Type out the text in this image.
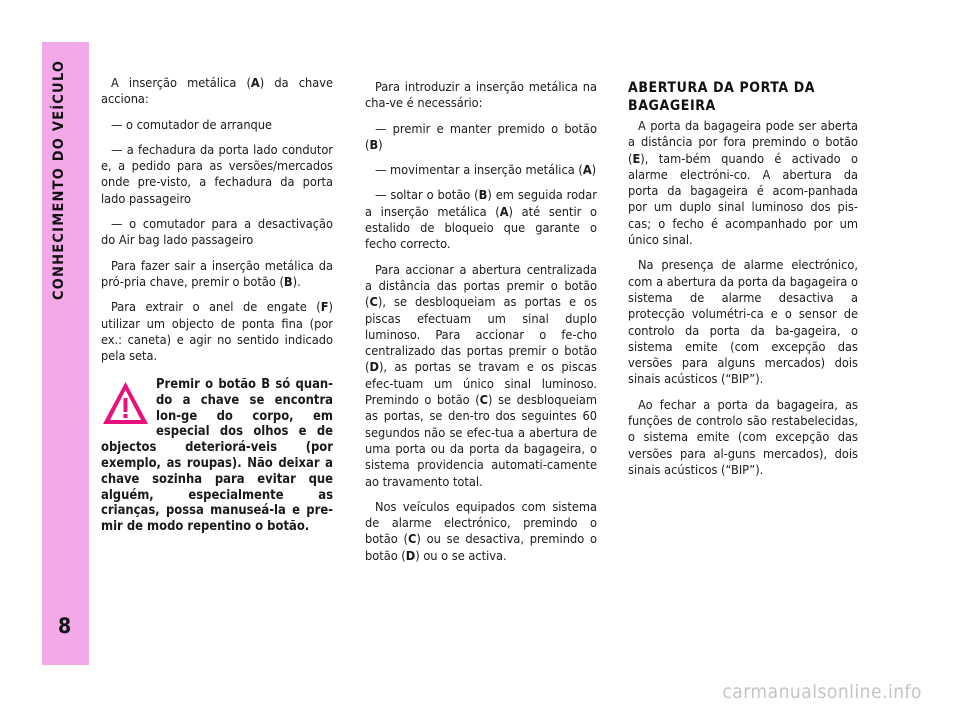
CONHECIMENTO DO VEÍCULO
8

A inserção metálica (A) da chave acciona:

— o comutador de arranque

— a fechadura da porta lado condutor e, a pedido para as versões/mercados onde pre-visto, a fechadura da porta lado passageiro

— o comutador para a desactivação do Air bag lado passageiro

Para fazer sair a inserção metálica da pró-pria chave, premir o botão (B).

Para extrair o anel de engate (F) utilizar um objecto de ponta fina (por ex.: caneta) e agir no sentido indicado pela seta.

Premir o botão B só quan-do a chave se encontra lon-ge do corpo, em especial dos olhos e de objectos deteriorá-veis (por exemplo, as roupas). Não deixar a chave sozinha para evitar que alguém, especialmente as crianças, possa manuseá-la e pre-mir de modo repentino o botão.

Para introduzir a inserção metálica na cha-ve é necessário:

— premir e manter premido o botão (B)

— movimentar a inserção metálica (A)

— soltar o botão (B) em seguida rodar a inserção metálica (A) até sentir o estalido de bloqueio que garante o fecho correcto.

Para accionar a abertura centralizada a distância das portas premir o botão (C), se desbloqueiam as portas e os piscas efectuam um sinal duplo luminoso. Para accionar o fe-cho centralizado das portas premir o botão (D), as portas se travam e os piscas efec-tuam um único sinal luminoso. Premindo o botão (C) se desbloqueiam as portas, se den-tro dos seguintes 60 segundos não se efec-tua a abertura de uma porta ou da porta da bagageira, o sistema providencia automati-camente ao travamento total.

Nos veículos equipados com sistema de alarme electrónico, premindo o botão (C) ou se desactiva, premindo o botão (D) ou o se activa.

ABERTURA DA PORTA DA BAGAGEIRA

A porta da bagageira pode ser aberta a distância por fora premindo o botão (E), tam-bém quando é activado o alarme electróni-co. A abertura da porta da bagageira é acom-panhada por um duplo sinal luminoso dos pis-cas; o fecho é acompanhado por um único sinal.

Na presença de alarme electrónico, com a abertura da porta da bagageira o sistema de alarme desactiva a protecção volumétri-ca e o sensor de controlo da porta da ba-gageira, o sistema emite (com excepção das versões para alguns mercados) dois sinais acústicos (“BIP”).

Ao fechar a porta da bagageira, as funções de controlo são restabelecidas, o sistema emite (com excepção das versões para al-guns mercados), dois sinais acústicos (“BIP”).

carmanualsonline.info
